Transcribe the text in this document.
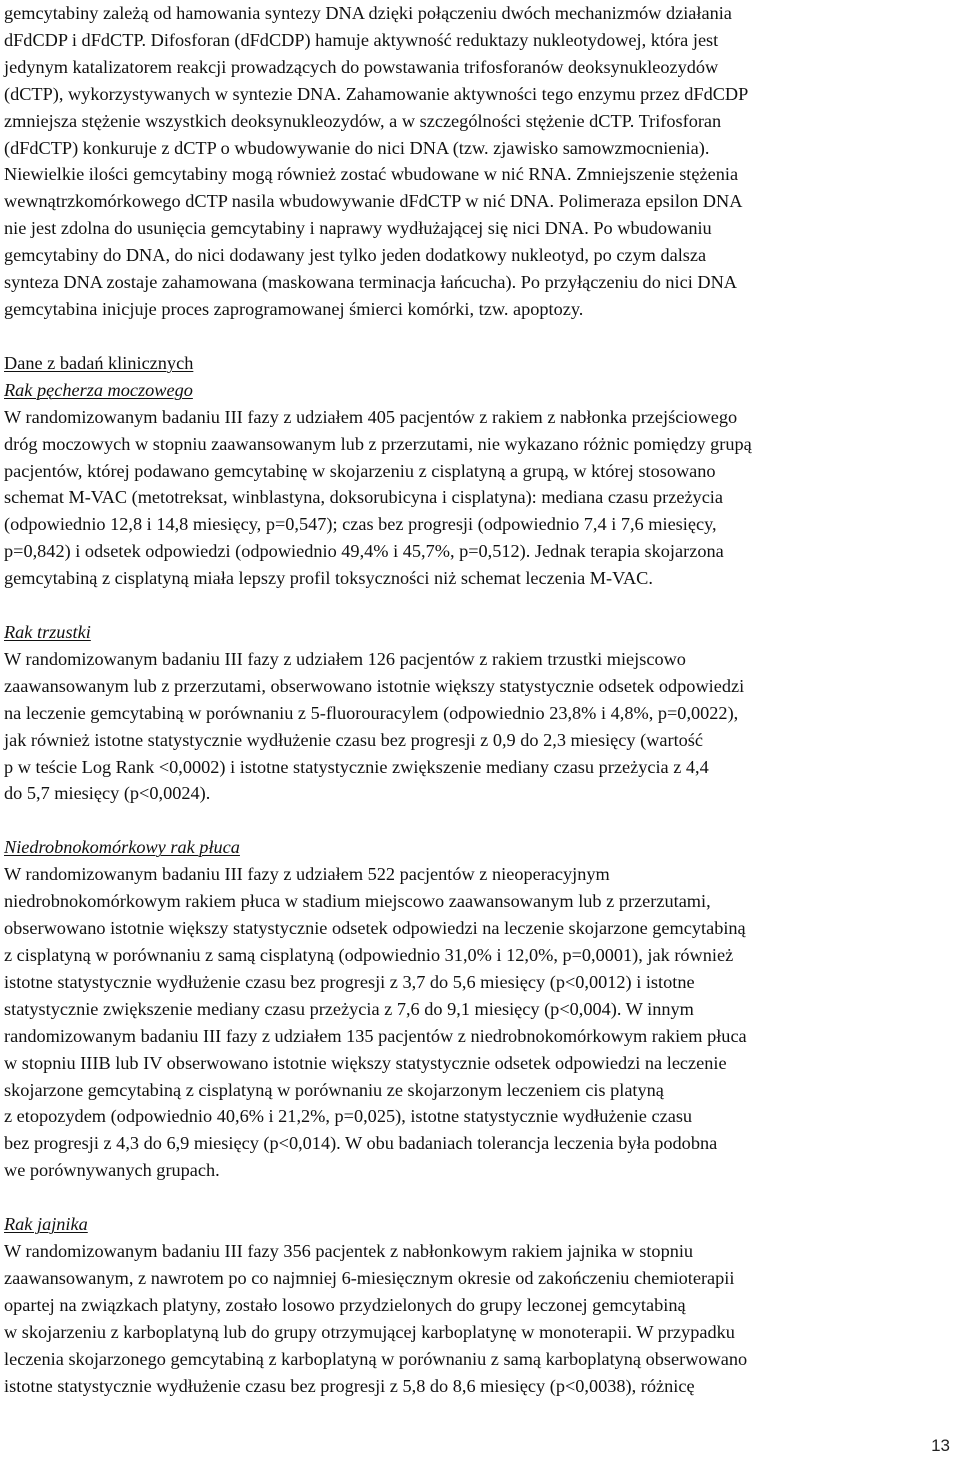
gemcytabiny zależą od hamowania syntezy DNA dzięki połączeniu dwóch mechanizmów działania
dFdCDP i dFdCTP. Difosforan (dFdCDP) hamuje aktywność reduktazy nukleotydowej, która jest
jedynym katalizatorem reakcji prowadzących do powstawania trifosforanów deoksynukleozydów
(dCTP), wykorzystywanych w syntezie DNA. Zahamowanie aktywności tego enzymu przez dFdCDP
zmniejsza stężenie wszystkich deoksynukleozydów, a w szczególności stężenie dCTP. Trifosforan
(dFdCTP) konkuruje z dCTP o wbudowywanie do nici DNA (tzw. zjawisko samowzmocnienia).

Niewielkie ilości gemcytabiny mogą również zostać wbudowane w nić RNA. Zmniejszenie stężenia
wewnątrzkomórkowego dCTP nasila wbudowywanie dFdCTP w nić DNA. Polimeraza epsilon DNA
nie jest zdolna do usunięcia gemcytabiny i naprawy wydłużającej się nici DNA. Po wbudowaniu
gemcytabiny do DNA, do nici dodawany jest tylko jeden dodatkowy nukleotyd, po czym dalsza
synteza DNA zostaje zahamowana (maskowana terminacja łańcucha). Po przyłączeniu do nici DNA
gemcytabina inicjuje proces zaprogramowanej śmierci komórki, tzw. apoptozy.

Dane z badań klinicznych
Rak pęcherza moczowego

W randomizowanym badaniu III fazy z udziałem 405 pacjentów z rakiem z nabłonka przejściowego
dróg moczowych w stopniu zaawansowanym lub z przerzutami, nie wykazano różnic pomiędzy grupą
pacjentów, której podawano gemcytabinę w skojarzeniu z cisplatyną a grupą, w której stosowano
schemat M-VAC (metotreksat, winblastyna, doksorubicyna i cisplatyna): mediana czasu przeżycia
(odpowiednio 12,8 i 14,8 miesięcy, p=0,547); czas bez progresji (odpowiednio 7,4 i 7,6 miesięcy,
p=0,842) i odsetek odpowiedzi (odpowiednio 49,4% i 45,7%, p=0,512). Jednak terapia skojarzona
gemcytabiną z cisplatyną miała lepszy profil toksyczności niż schemat leczenia M-VAC.

Rak trzustki

W randomizowanym badaniu III fazy z udziałem 126 pacjentów z rakiem trzustki miejscowo
zaawansowanym lub z przerzutami, obserwowano istotnie większy statystycznie odsetek odpowiedzi
na leczenie gemcytabiną w porównaniu z 5-fluorouracylem (odpowiednio 23,8% i 4,8%, p=0,0022),
jak również istotne statystycznie wydłużenie czasu bez progresji z 0,9 do 2,3 miesięcy (wartość
p w teście Log Rank <0,0002) i istotne statystycznie zwiększenie mediany czasu przeżycia z 4,4
do 5,7 miesięcy (p<0,0024).

Niedrobnokomórkowy rak płuca

W randomizowanym badaniu III fazy z udziałem 522 pacjentów z nieoperacyjnym
niedrobnokomórkowym rakiem płuca w stadium miejscowo zaawansowanym lub z przerzutami,
obserwowano istotnie większy statystycznie odsetek odpowiedzi na leczenie skojarzone gemcytabiną
z cisplatyną w porównaniu z samą cisplatyną (odpowiednio 31,0% i 12,0%, p=0,0001), jak również
istotne statystycznie wydłużenie czasu bez progresji z 3,7 do 5,6 miesięcy (p<0,0012) i istotne
statystycznie zwiększenie mediany czasu przeżycia z 7,6 do 9,1 miesięcy (p<0,004). W innym
randomizowanym badaniu III fazy z udziałem 135 pacjentów z niedrobnokomórkowym rakiem płuca
w stopniu IIIB lub IV obserwowano istotnie większy statystycznie odsetek odpowiedzi na leczenie
skojarzone gemcytabiną z cisplatyną w porównaniu ze skojarzonym leczeniem cis platyną
z etopozydem (odpowiednio 40,6% i 21,2%, p=0,025), istotne statystycznie wydłużenie czasu
bez progresji z 4,3 do 6,9 miesięcy (p<0,014). W obu badaniach tolerancja leczenia była podobna
we porównywanych grupach.

Rak jajnika

W randomizowanym badaniu III fazy 356 pacjentek z nabłonkowym rakiem jajnika w stopniu
zaawansowanym, z nawrotem po co najmniej 6-miesięcznym okresie od zakończeniu chemioterapii
opartej na związkach platyny, zostało losowo przydzielonych do grupy leczonej gemcytabiną
w skojarzeniu z karboplatyną lub do grupy otrzymującej karboplatynę w monoterapii. W przypadku
leczenia skojarzonego gemcytabiną z karboplatyną w porównaniu z samą karboplatyną obserwowano
istotne statystycznie wydłużenie czasu bez progresji z 5,8 do 8,6 miesięcy (p<0,0038), różnicę

13
